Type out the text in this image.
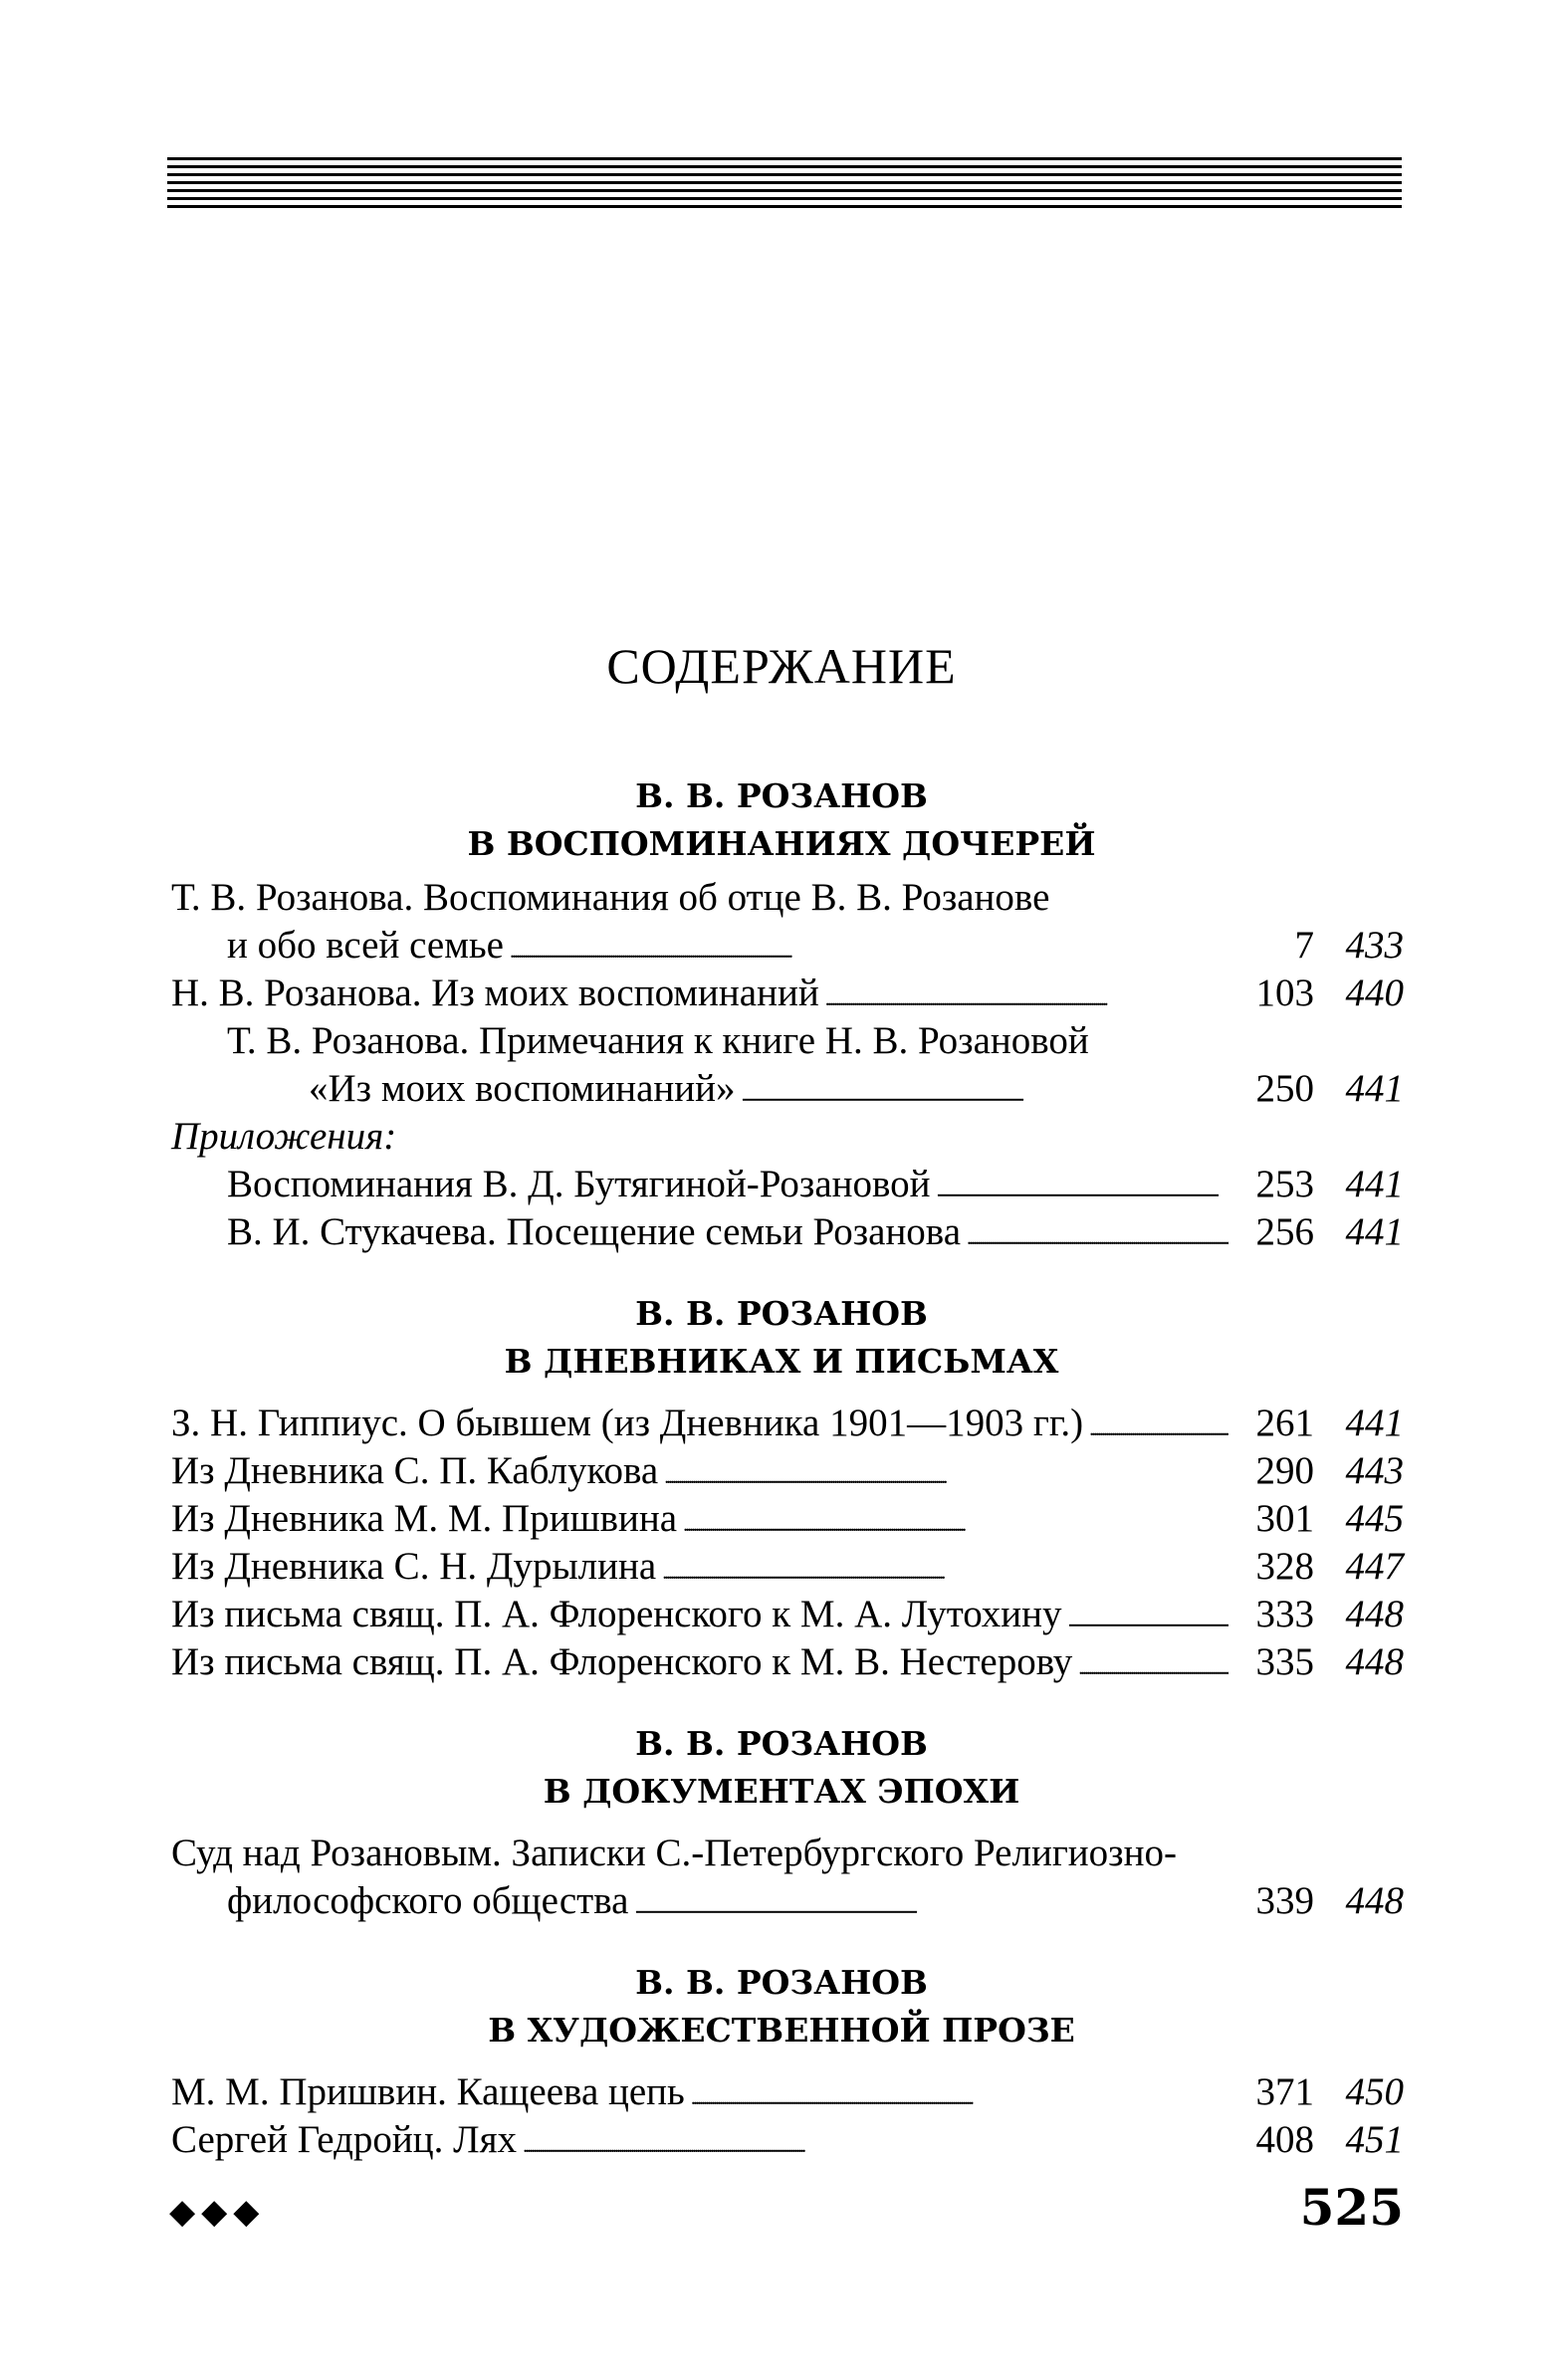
СОДЕРЖАНИЕ
В. В. РОЗАНОВ
В ВОСПОМИНАНИЯХ ДОЧЕРЕЙ
Т. В. Розанова. Воспоминания об отце В. В. Розанове
и обо всей семье . . .	7 433
Н. В. Розанова. Из моих воспоминаний . . .	103 440
Т. В. Розанова. Примечания к книге Н. В. Розановой
«Из моих воспоминаний» . . .	250 441
Приложения:
Воспоминания В. Д. Бутягиной-Розановой . . .	253 441
В. И. Стукачева. Посещение семьи Розанова . . .	256 441
В. В. РОЗАНОВ
В ДНЕВНИКАХ И ПИСЬМАХ
З. Н. Гиппиус. О бывшем (из Дневника 1901—1903 гг.) . . .	261 441
Из Дневника С. П. Каблукова . . .	290 443
Из Дневника М. М. Пришвина . . .	301 445
Из Дневника С. Н. Дурылина . . .	328 447
Из письма свящ. П. А. Флоренского к М. А. Лутохину . . .	333 448
Из письма свящ. П. А. Флоренского к М. В. Нестерову . . .	335 448
В. В. РОЗАНОВ
В ДОКУМЕНТАХ ЭПОХИ
Суд над Розановым. Записки С.-Петербургского Религиозно-
философского общества . . .	339 448
В. В. РОЗАНОВ
В ХУДОЖЕСТВЕННОЙ ПРОЗЕ
М. М. Пришвин. Кащеева цепь . . .	371 450
Сергей Гедройц. Лях . . .	408 451
◆◆◆	525
